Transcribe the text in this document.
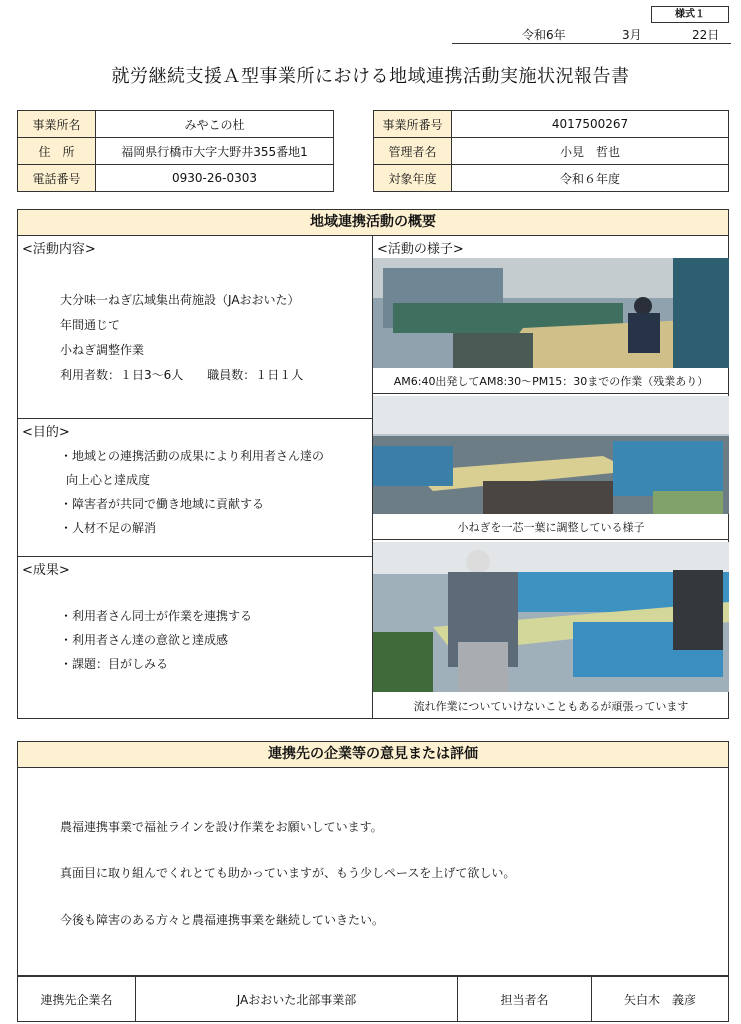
様式１
令和6年	3月	22日
就労継続支援Ａ型事業所における地域連携活動実施状況報告書
事業所名	みやこの杜
住　所	福岡県行橋市大字大野井355番地1
電話番号	0930-26-0303
事業所番号	4017500267
管理者名	小見　哲也
対象年度	令和６年度
地域連携活動の概要
<活動内容>
大分味一ねぎ広域集出荷施設（JAおおいた）
年間通じて
小ねぎ調整作業
利用者数：１日3～6人　　職員数：１日１人
<目的>
・地域との連携活動の成果により利用者さん達の
向上心と達成度
・障害者が共同で働き地域に貢献する
・人材不足の解消
<成果>
・利用者さん同士が作業を連携する
・利用者さん達の意欲と達成感
・課題：目がしみる
<活動の様子>
AM6:40出発してAM8:30～PM15：30までの作業（残業あり）
小ねぎを一芯一葉に調整している様子
流れ作業についていけないこともあるが頑張っています
連携先の企業等の意見または評価
農福連携事業で福祉ラインを設け作業をお願いしています。
真面目に取り組んでくれとても助かっていますが、もう少しペースを上げて欲しい。
今後も障害のある方々と農福連携事業を継続していきたい。
連携先企業名	JAおおいた北部事業部	担当者名	矢白木　義彦
